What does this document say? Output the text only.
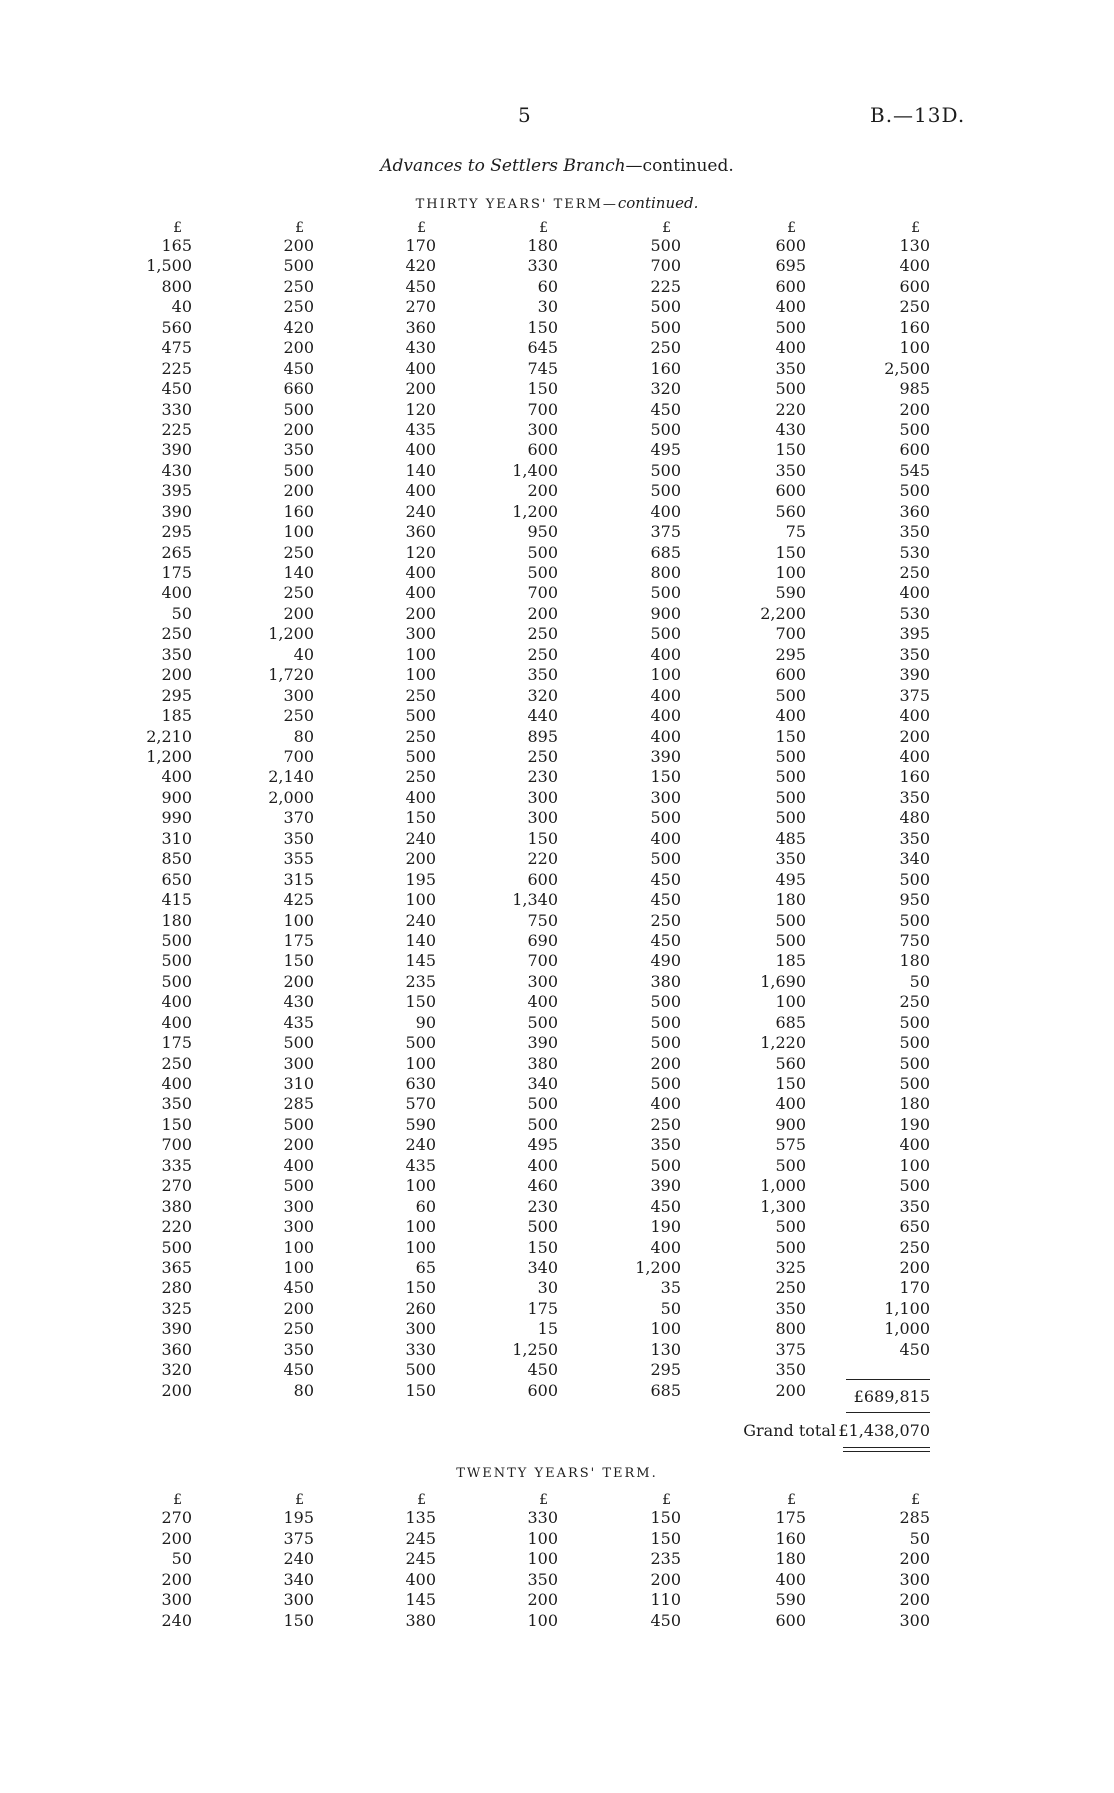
5	B.—13D.
Advances to Settlers Branch—continued.
THIRTY YEARS' TERM—continued.
£
165
1,500
800
40
560
475
225
450
330
225
390
430
395
390
295
265
175
400
50
250
350
200
295
185
2,210
1,200
400
900
990
310
850
650
415
180
500
500
500
400
400
175
250
400
350
150
700
335
270
380
220
500
365
280
325
390
360
320
200
£
200
500
250
250
420
200
450
660
500
200
350
500
200
160
100
250
140
250
200
1,200
40
1,720
300
250
80
700
2,140
2,000
370
350
355
315
425
100
175
150
200
430
435
500
300
310
285
500
200
400
500
300
300
100
100
450
200
250
350
450
80
£
170
420
450
270
360
430
400
200
120
435
400
140
400
240
360
120
400
400
200
300
100
100
250
500
250
500
250
400
150
240
200
195
100
240
140
145
235
150
90
500
100
630
570
590
240
435
100
60
100
100
65
150
260
300
330
500
150
£
180
330
60
30
150
645
745
150
700
300
600
1,400
200
1,200
950
500
500
700
200
250
250
350
320
440
895
250
230
300
300
150
220
600
1,340
750
690
700
300
400
500
390
380
340
500
500
495
400
460
230
500
150
340
30
175
15
1,250
450
600
£
500
700
225
500
500
250
160
320
450
500
495
500
500
400
375
685
800
500
900
500
400
100
400
400
400
390
150
300
500
400
500
450
450
250
450
490
380
500
500
500
200
500
400
250
350
500
390
450
190
400
1,200
35
50
100
130
295
685
£
600
695
600
400
500
400
350
500
220
430
150
350
600
560
75
150
100
590
2,200
700
295
600
500
400
150
500
500
500
500
485
350
495
180
500
500
185
1,690
100
685
1,220
560
150
400
900
575
500
1,000
1,300
500
500
325
250
350
800
375
350
200
£
130
400
600
250
160
100
2,500
985
200
500
600
545
500
360
350
530
250
400
530
395
350
390
375
400
200
400
160
350
480
350
340
500
950
500
750
180
50
250
500
500
500
500
180
190
400
100
500
350
650
250
200
170
1,100
1,000
450
£689,815
Grand total £1,438,070
TWENTY YEARS' TERM.
£
270
200
50
200
300
240
£
195
375
240
340
300
150
£
135
245
245
400
145
380
£
330
100
100
350
200
100
£
150
150
235
200
110
450
£
175
160
180
400
590
600
£
285
50
200
300
200
300
